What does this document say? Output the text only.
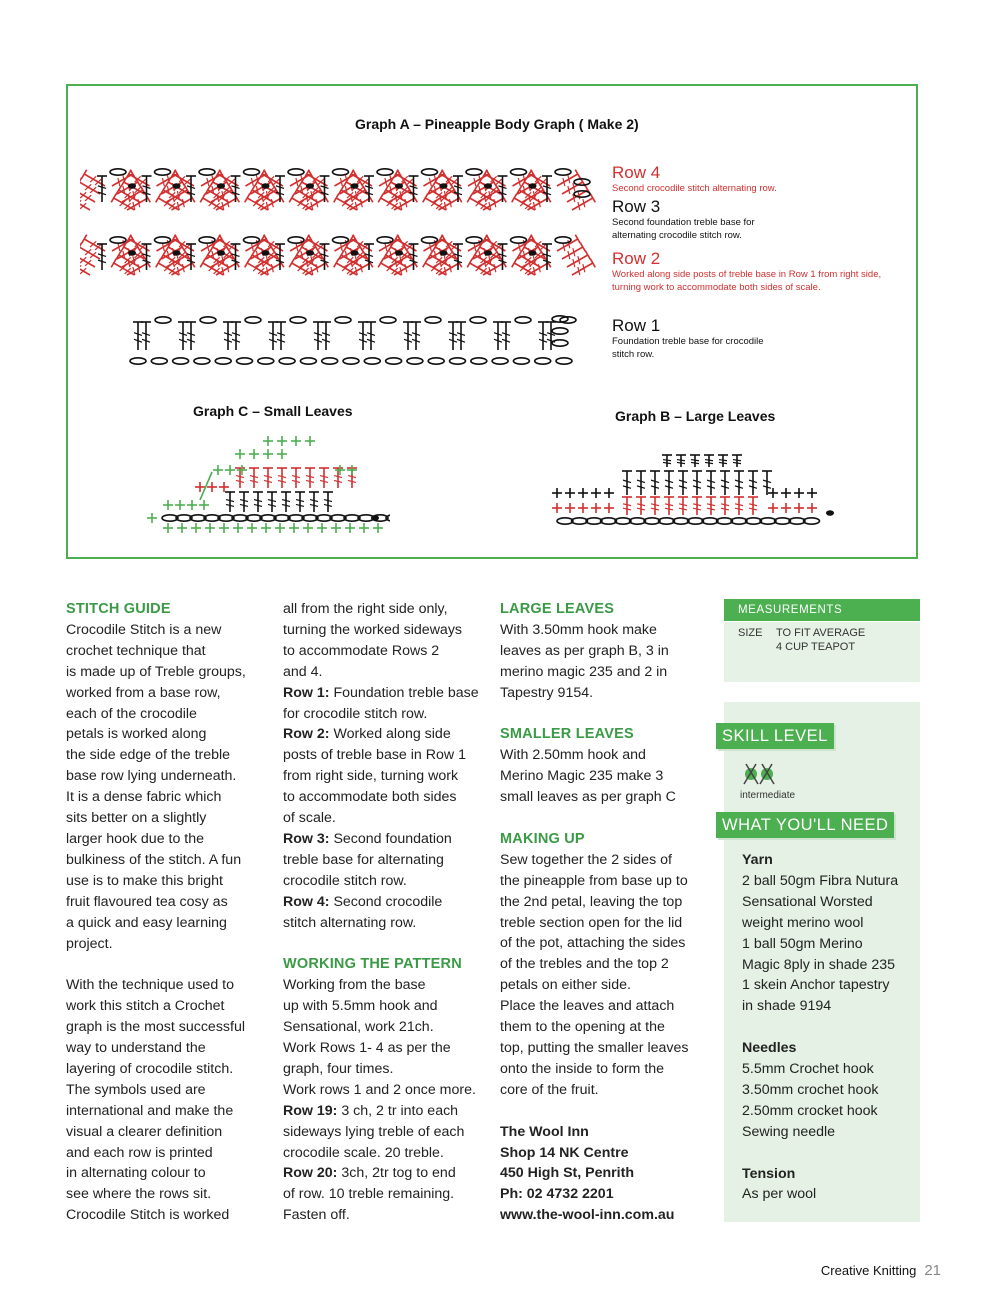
Graph A – Pineapple Body Graph ( Make 2)
Row 4
Second crocodile stitch alternating row.
Row 3
Second foundation treble base for alternating crocodile stitch row.
Row 2
Worked along side posts of treble base in Row 1 from right side, turning work to accommodate both sides of scale.
Row 1
Foundation treble base for crocodile stitch row.
Graph C – Small Leaves	Graph B – Large Leaves

STITCH GUIDE

Crocodile Stitch is a new

crochet technique that

is made up of Treble groups,

worked from a base row,

each of the crocodile

petals is worked along

the side edge of the treble

base row lying underneath.

It is a dense fabric which

sits better on a slightly

larger hook due to the

bulkiness of the stitch. A fun

use is to make this bright

fruit flavoured tea cosy as

a quick and easy learning

project.

With the technique used to

work this stitch a Crochet

graph is the most successful

way to understand the

layering of crocodile stitch.

The symbols used are

international and make the

visual a clearer definition

and each row is printed

in alternating colour to

see where the rows sit.

Crocodile Stitch is worked

all from the right side only,

turning the worked sideways

to accommodate Rows 2

and 4.

Row 1: Foundation treble base

for crocodile stitch row.

Row 2: Worked along side

posts of treble base in Row 1

from right side, turning work

to accommodate both sides

of scale.

Row 3: Second foundation

treble base for alternating

crocodile stitch row.

Row 4: Second crocodile

stitch alternating row.

WORKING THE PATTERN

Working from the base

up with 5.5mm hook and

Sensational, work 21ch.

Work Rows 1- 4 as per the

graph, four times.

Work rows 1 and 2 once more.

Row 19: 3 ch, 2 tr into each

sideways lying treble of each

crocodile scale. 20 treble.

Row 20: 3ch, 2tr tog to end

of row. 10 treble remaining.

Fasten off.

LARGE LEAVES

With 3.50mm hook make

leaves as per graph B, 3 in

merino magic 235 and 2 in

Tapestry 9154.

SMALLER LEAVES

With 2.50mm hook and

Merino Magic 235 make 3

small leaves as per graph C

MAKING UP

Sew together the 2 sides of

the pineapple from base up to

the 2nd petal, leaving the top

treble section open for the lid

of the pot, attaching the sides

of the trebles and the top 2

petals on either side.

Place the leaves and attach

them to the opening at the

top, putting the smaller leaves

onto the inside to form the

core of the fruit.

The Wool Inn

Shop 14 NK Centre

450 High St, Penrith

Ph: 02 4732 2201

www.the-wool-inn.com.au

MEASUREMENTS
SIZE TO FIT AVERAGE
4 CUP TEAPOT
SKILL LEVEL
intermediate
WHAT YOU'LL NEED

Yarn

2 ball 50gm Fibra Nutura

Sensational Worsted

weight merino wool

1 ball 50gm Merino

Magic 8ply in shade 235

1 skein Anchor tapestry

in shade 9194

Needles

5.5mm Crochet hook

3.50mm crochet hook

2.50mm crocket hook

Sewing needle

Tension

As per wool

Creative Knitting 21
